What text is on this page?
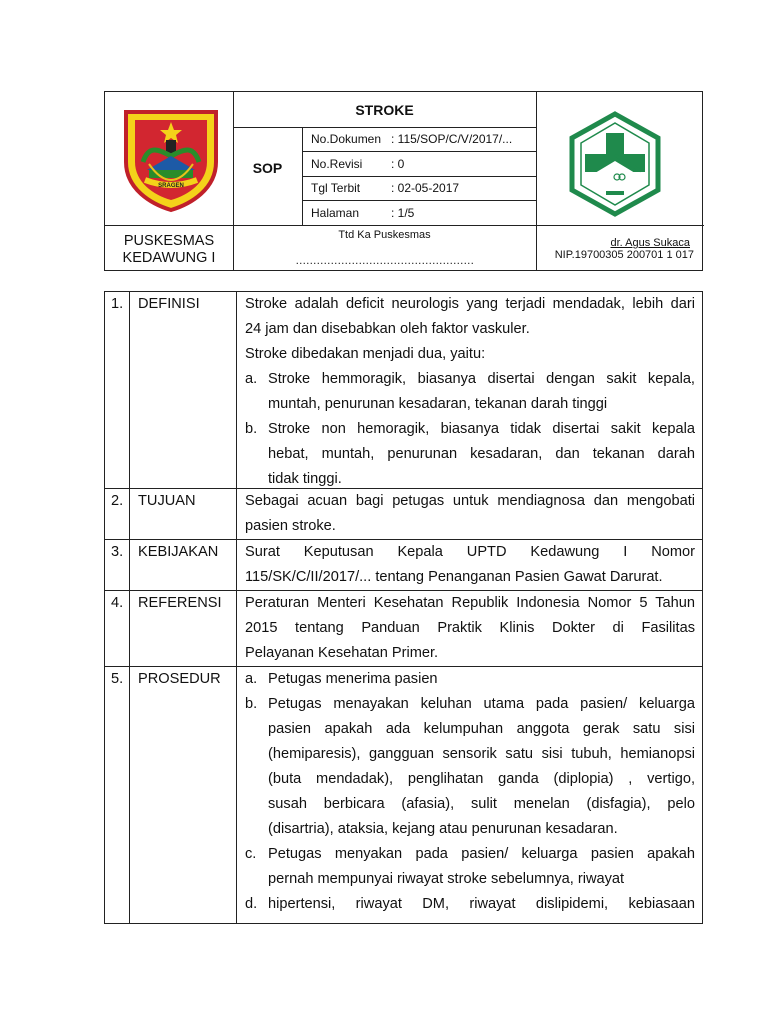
SRAGEN
STROKE
SOP
No.Dokumen : 115/SOP/C/V/2017/...
No.Revisi : 0
Tgl Terbit	: 02-05-2017
Halaman	: 1/5
PUSKESMAS
KEDAWUNG I
Ttd Ka Puskesmas
……………………………………………
dr. Agus Sukaca
NIP.19700305 200701 1 017
1. DEFINISI	Stroke adalah deficit neurologis yang terjadi mendadak, lebih dari
24 jam dan disebabkan oleh faktor vaskuler.
Stroke dibedakan menjadi dua, yaitu:
a. Stroke hemmoragik, biasanya disertai dengan sakit kepala,
muntah, penurunan kesadaran, tekanan darah tinggi
b. Stroke non hemoragik, biasanya tidak disertai sakit kepala
hebat, muntah, penurunan kesadaran, dan tekanan darah
tidak tinggi.
2. TUJUAN	Sebagai acuan bagi petugas untuk mendiagnosa dan mengobati
pasien stroke.
3. KEBIJAKAN Surat Keputusan Kepala UPTD Kedawung I Nomor
115/SK/C/II/2017/... tentang Penanganan Pasien Gawat Darurat.
4. REFERENSI Peraturan Menteri Kesehatan Republik Indonesia Nomor 5 Tahun
2015 tentang Panduan Praktik Klinis Dokter di Fasilitas
Pelayanan Kesehatan Primer.
5. PROSEDUR a. Petugas menerima pasien
b. Petugas menayakan keluhan utama pada pasien/ keluarga
pasien apakah ada kelumpuhan anggota gerak satu sisi
(hemiparesis), gangguan sensorik satu sisi tubuh, hemianopsi
(buta mendadak), penglihatan ganda (diplopia) , vertigo,
susah berbicara (afasia), sulit menelan (disfagia), pelo
(disartria), ataksia, kejang atau penurunan kesadaran.
c. Petugas menyakan pada pasien/ keluarga pasien apakah
pernah mempunyai riwayat stroke sebelumnya, riwayat
d. hipertensi, riwayat DM, riwayat dislipidemi, kebiasaan
